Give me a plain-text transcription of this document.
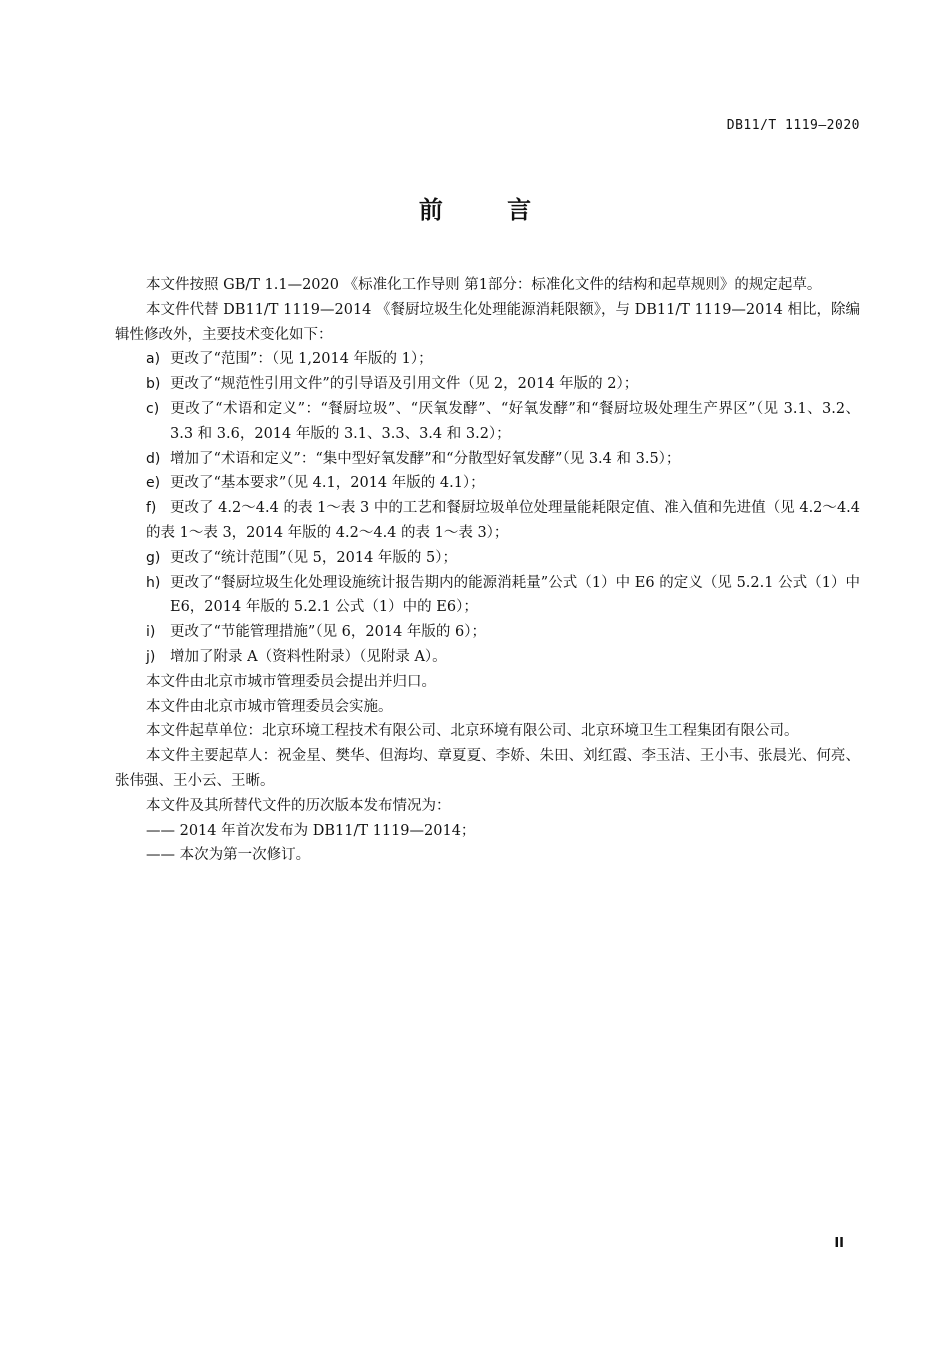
DB11/T 1119—2020
前 言

本文件按照 GB/T 1.1—2020 《标准化工作导则 第1部分：标准化文件的结构和起草规则》的规定起草。

本文件代替 DB11/T 1119—2014 《餐厨垃圾生化处理能源消耗限额》，与 DB11/T 1119—2014 相比，除编辑性修改外，主要技术变化如下：

a) 更改了“范围”：（见 1,2014 年版的 1）；

b) 更改了“规范性引用文件”的引导语及引用文件（见 2，2014 年版的 2）；

c) 更改了“术语和定义”：“餐厨垃圾”、“厌氧发酵”、“好氧发酵”和“餐厨垃圾处理生产界区”（见 3.1、3.2、3.3 和 3.6，2014 年版的 3.1、3.3、3.4 和 3.2）；

d) 增加了“术语和定义”：“集中型好氧发酵”和“分散型好氧发酵”（见 3.4 和 3.5）；

e) 更改了“基本要求”（见 4.1，2014 年版的 4.1）；

f) 更改了 4.2～4.4 的表 1～表 3 中的工艺和餐厨垃圾单位处理量能耗限定值、准入值和先进值（见 4.2～4.4 的表 1～表 3，2014 年版的 4.2～4.4 的表 1～表 3）；

g) 更改了“统计范围”（见 5，2014 年版的 5）；

h) 更改了“餐厨垃圾生化处理设施统计报告期内的能源消耗量”公式（1）中 E6 的定义（见 5.2.1 公式（1）中 E6，2014 年版的 5.2.1 公式（1）中的 E6）；

i) 更改了“节能管理措施”（见 6，2014 年版的 6）；

j) 增加了附录 A（资料性附录）（见附录 A）。

本文件由北京市城市管理委员会提出并归口。

本文件由北京市城市管理委员会实施。

本文件起草单位：北京环境工程技术有限公司、北京环境有限公司、北京环境卫生工程集团有限公司。

本文件主要起草人：祝金星、樊华、但海均、章夏夏、李娇、朱田、刘红霞、李玉洁、王小韦、张晨光、何亮、张伟强、王小云、王晰。

本文件及其所替代文件的历次版本发布情况为：

—— 2014 年首次发布为 DB11/T 1119—2014；

—— 本次为第一次修订。

II
